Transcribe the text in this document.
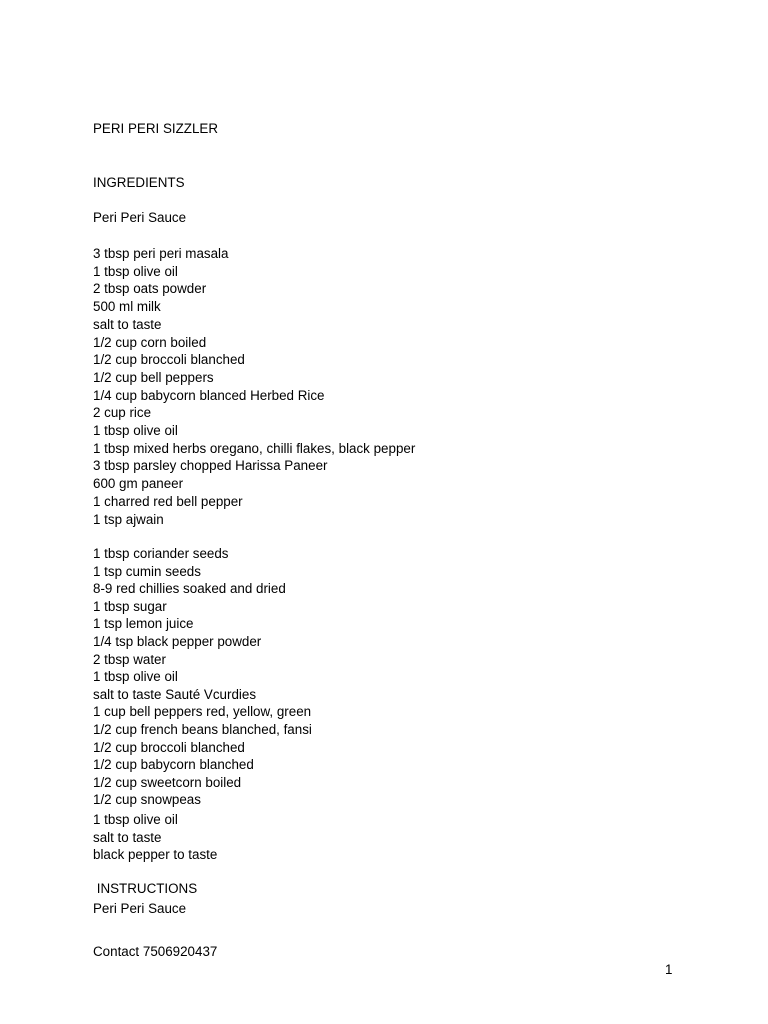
PERI PERI SIZZLER
INGREDIENTS
Peri Peri Sauce
3 tbsp peri peri masala
1 tbsp olive oil
2 tbsp oats powder
500 ml milk
salt to taste
1/2 cup corn boiled
1/2 cup broccoli blanched
1/2 cup bell peppers
1/4 cup babycorn blanced Herbed Rice
2 cup rice
1 tbsp olive oil
1 tbsp mixed herbs oregano, chilli flakes, black pepper
3 tbsp parsley chopped Harissa Paneer
600 gm paneer
1 charred red bell pepper
1 tsp ajwain
1 tbsp coriander seeds
1 tsp cumin seeds
8-9 red chillies soaked and dried
1 tbsp sugar
1 tsp lemon juice
1/4 tsp black pepper powder
2 tbsp water
1 tbsp olive oil
salt to taste Sauté Vcurdies
1 cup bell peppers red, yellow, green
1/2 cup french beans blanched, fansi
1/2 cup broccoli blanched
1/2 cup babycorn blanched
1/2 cup sweetcorn boiled
1/2 cup snowpeas
1 tbsp olive oil
salt to taste
black pepper to taste
INSTRUCTIONS
Peri Peri Sauce
Contact 7506920437
1
